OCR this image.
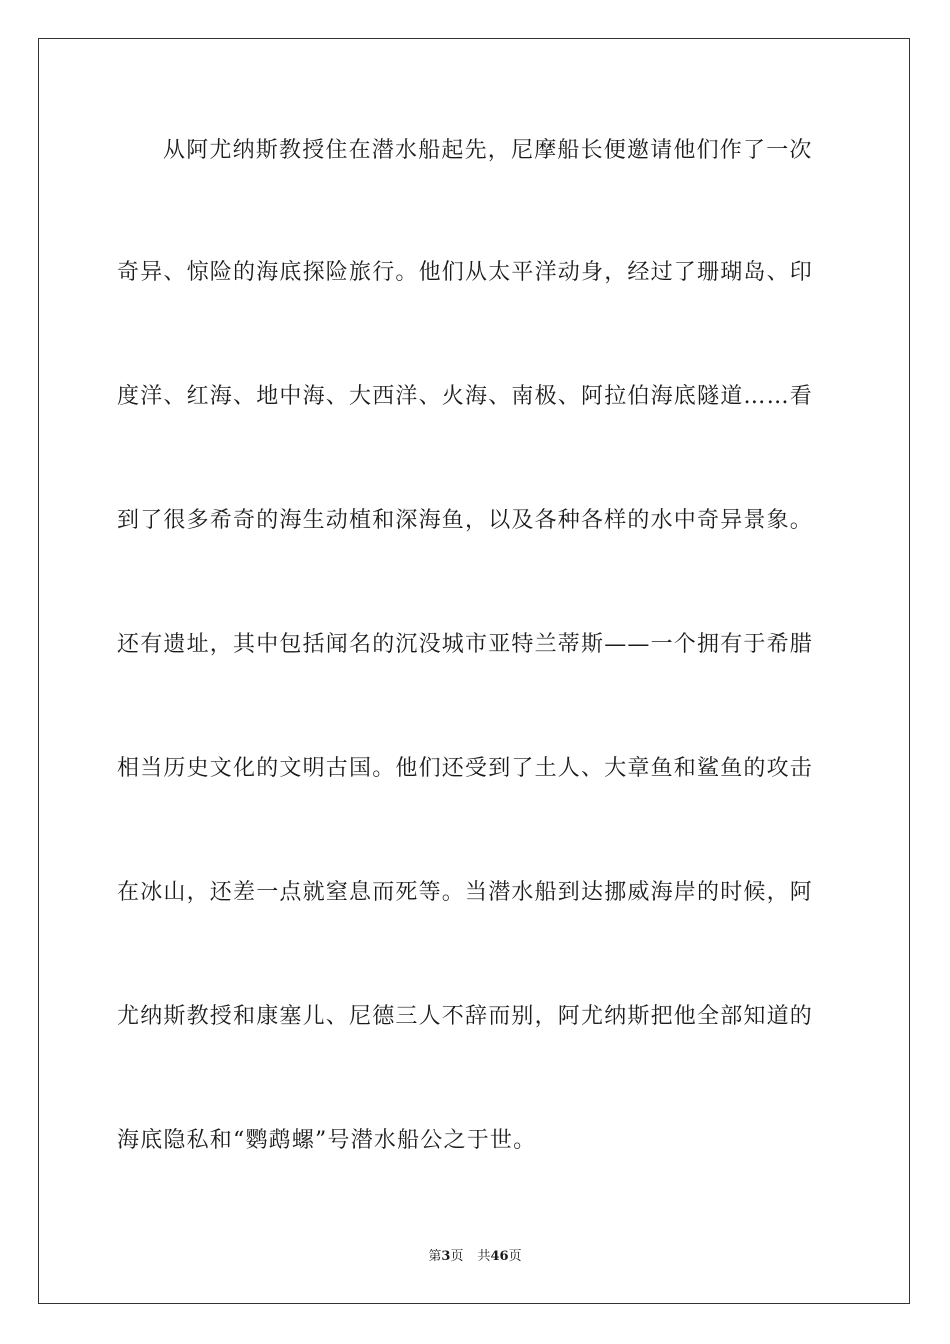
从阿尤纳斯教授住在潜水船起先，尼摩船长便邀请他们作了一次
奇异、惊险的海底探险旅行。他们从太平洋动身，经过了珊瑚岛、印
度洋、红海、地中海、大西洋、火海、南极、阿拉伯海底隧道……看
到了很多希奇的海生动植和深海鱼，以及各种各样的水中奇异景象。
还有遗址，其中包括闻名的沉没城市亚特兰蒂斯——一个拥有于希腊
相当历史文化的文明古国。他们还受到了土人、大章鱼和鲨鱼的攻击
在冰山，还差一点就窒息而死等。当潜水船到达挪威海岸的时候，阿
尤纳斯教授和康塞儿、尼德三人不辞而别，阿尤纳斯把他全部知道的
海底隐私和“鹦鹉螺”号潜水船公之于世。
第3页 共46页
